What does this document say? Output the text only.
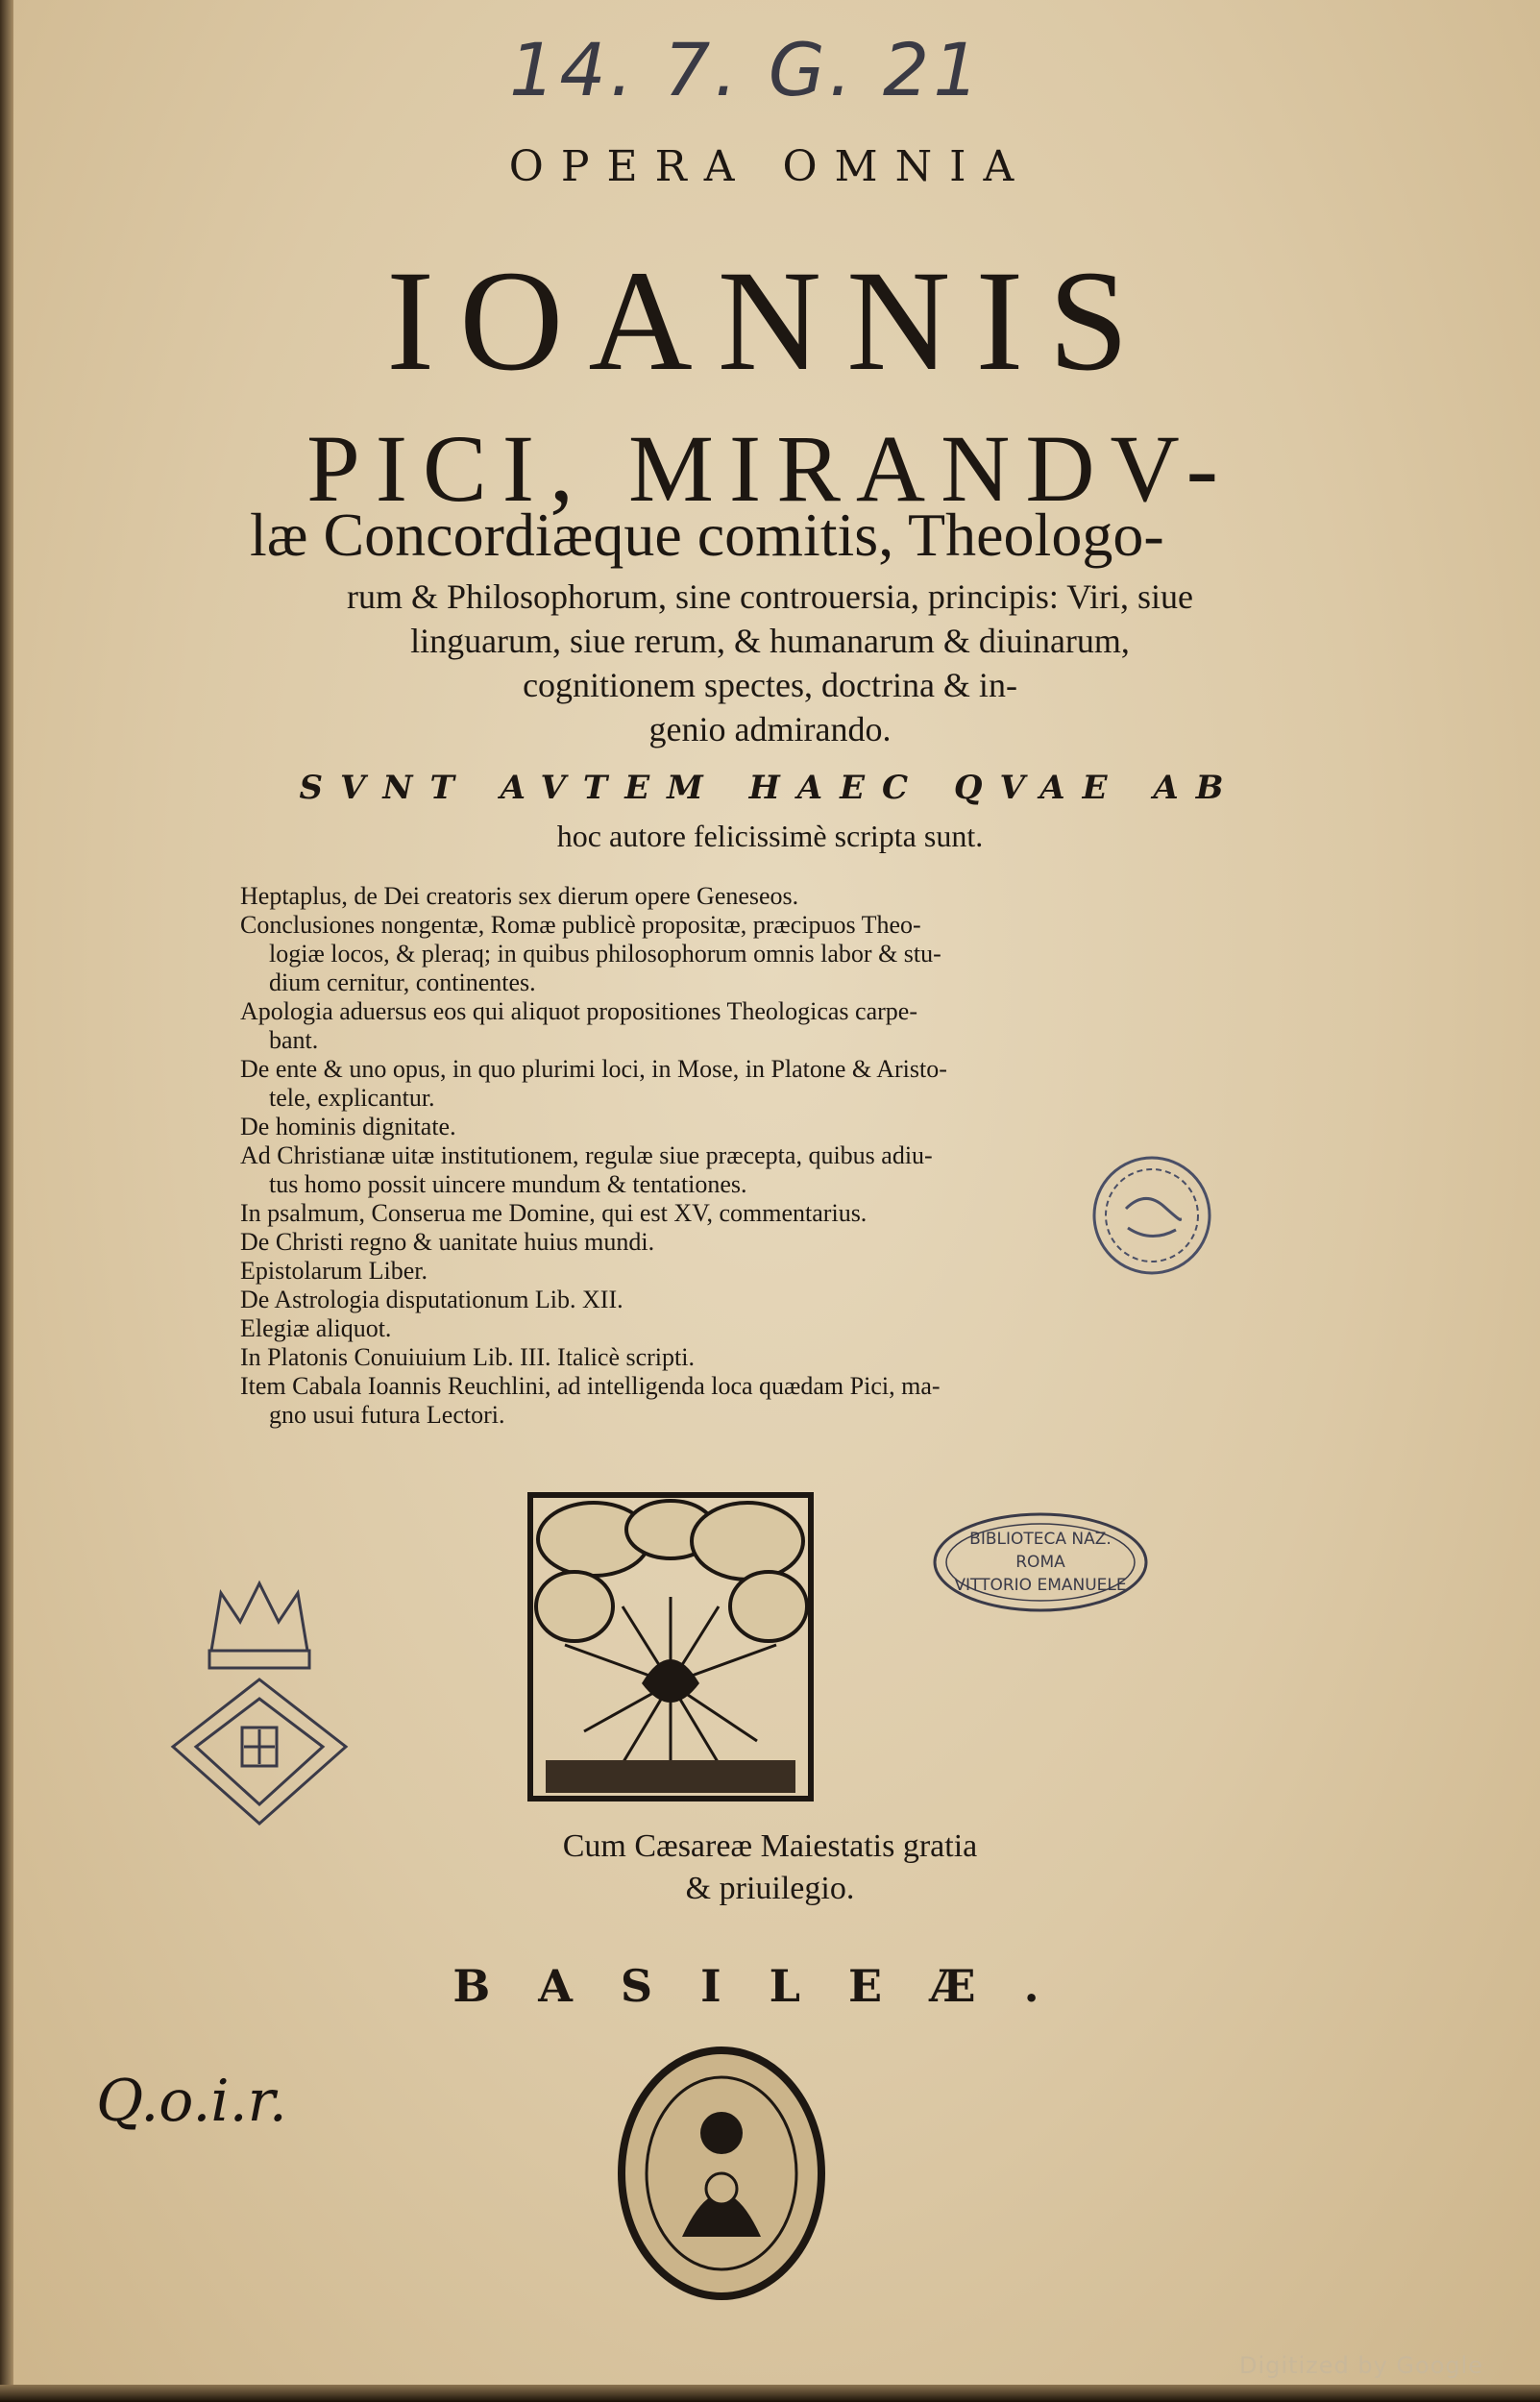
14. 7. G. 21
OPERA OMNIA
IOANNIS
PICI, MIRANDV-
læ Concordiæque comitis, Theologo-
rum & Philosophorum, sine controuersia, principis: Viri, siue
linguarum, siue rerum, & humanarum & diuinarum,
cognitionem spectes, doctrina & in-
genio admirando.
SVNT AVTEM HAEC QVAE AB
hoc autore felicissimè scripta sunt.
Heptaplus, de Dei creatoris sex dierum opere Geneseos.
Conclusiones nongentæ, Romæ publicè propositæ, præcipuos Theo-
logiæ locos, & pleraq; in quibus philosophorum omnis labor & stu-
dium cernitur, continentes.
Apologia aduersus eos qui aliquot propositiones Theologicas carpe-
bant.
De ente & uno opus, in quo plurimi loci, in Mose, in Platone & Aristo-
tele, explicantur.
De hominis dignitate.
Ad Christianæ uitæ institutionem, regulæ siue præcepta, quibus adiu-
tus homo possit uincere mundum & tentationes.
In psalmum, Conserua me Domine, qui est XV, commentarius.
De Christi regno & uanitate huius mundi.
Epistolarum Liber.
De Astrologia disputationum Lib. XII.
Elegiæ aliquot.
In Platonis Conuiuium Lib. III. Italicè scripti.
Item Cabala Ioannis Reuchlini, ad intelligenda loca quædam Pici, ma-
gno usui futura Lectori.
BIBLIOTECA NAZ.
ROMA
VITTORIO EMANUELE
Cum Cæsareæ Maiestatis gratia
& priuilegio.
BASILEÆ.
Q.o.i.r.
Digitized by Google
